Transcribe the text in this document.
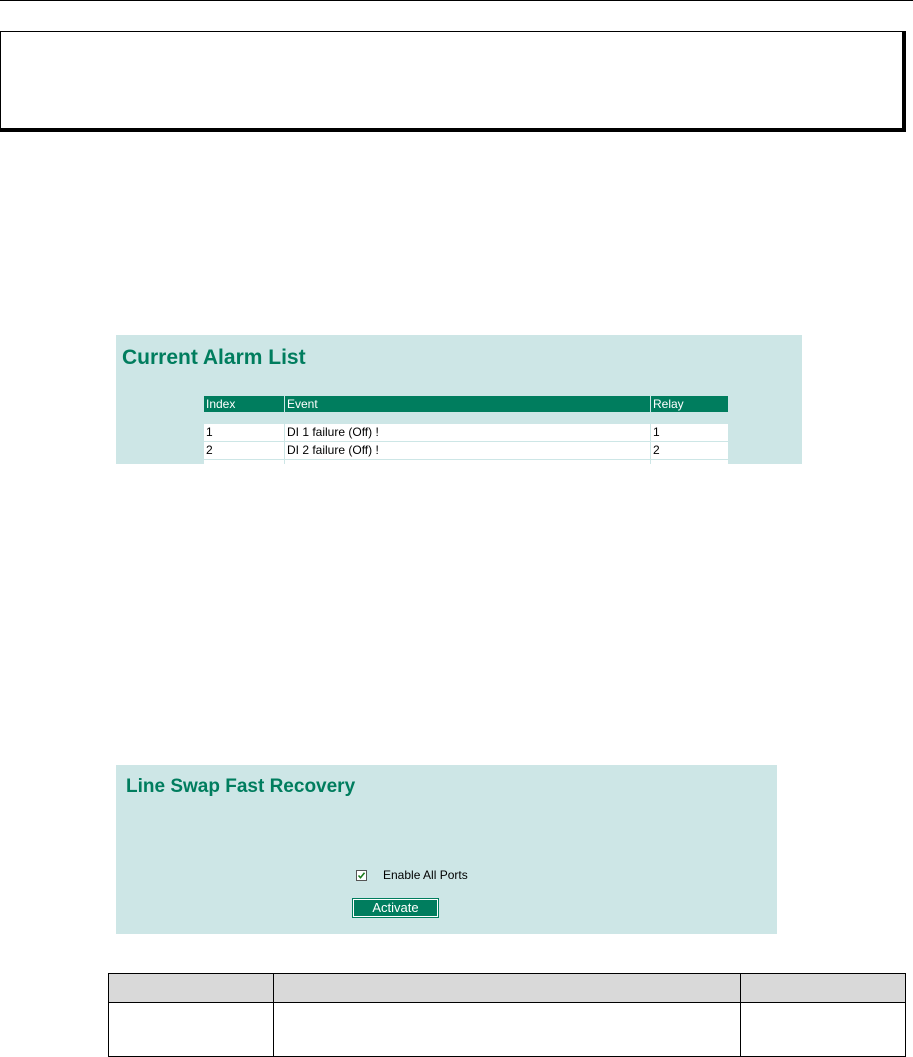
Current Alarm List
Index	Event	Relay
1	DI 1 failure (Off) !	1
2	DI 2 failure (Off) !	2
Line Swap Fast Recovery
Enable All Ports
Activate
